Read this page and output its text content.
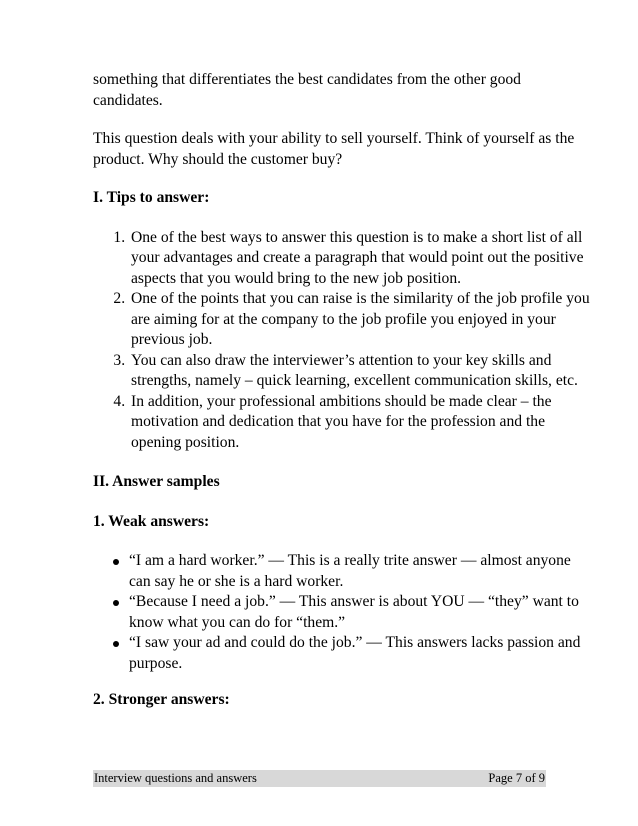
something that differentiates the best candidates from the other good candidates.

This question deals with your ability to sell yourself. Think of yourself as the product. Why should the customer buy?

I. Tips to answer:

1. One of the best ways to answer this question is to make a short list of all your advantages and create a paragraph that would point out the positive aspects that you would bring to the new job position.
2. One of the points that you can raise is the similarity of the job profile you are aiming for at the company to the job profile you enjoyed in your previous job.
3. You can also draw the interviewer’s attention to your key skills and strengths, namely – quick learning, excellent communication skills, etc.
4. In addition, your professional ambitions should be made clear – the motivation and dedication that you have for the profession and the opening position.

II. Answer samples

1. Weak answers:

“I am a hard worker.” — This is a really trite answer — almost anyone can say he or she is a hard worker.
“Because I need a job.” — This answer is about YOU — “they” want to know what you can do for “them.”
“I saw your ad and could do the job.” — This answers lacks passion and purpose.

2. Stronger answers:

Interview questions and answers	Page 7 of 9
